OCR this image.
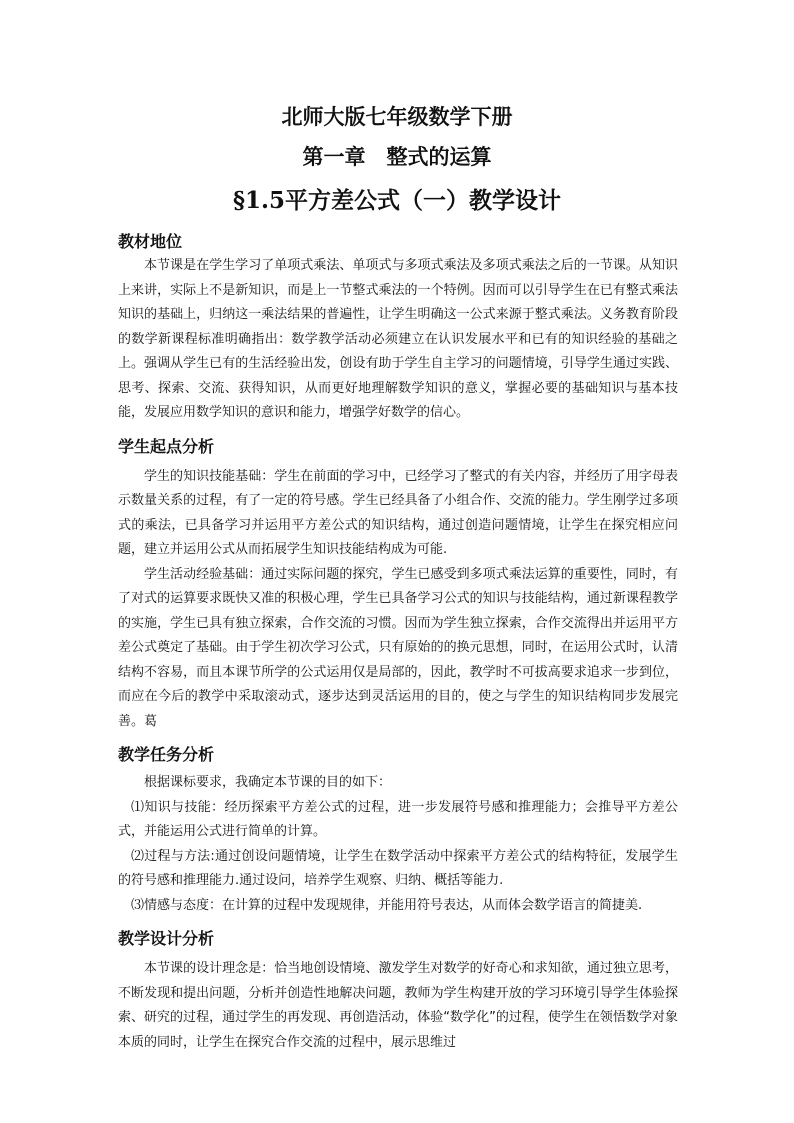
北师大版七年级数学下册
第一章　整式的运算
§1.5平方差公式（一）教学设计
教材地位

本节课是在学生学习了单项式乘法、单项式与多项式乘法及多项式乘法之后的一节课。从知识上来讲，实际上不是新知识，而是上一节整式乘法的一个特例。因而可以引导学生在已有整式乘法知识的基础上，归纳这一乘法结果的普遍性，让学生明确这一公式来源于整式乘法。义务教育阶段的数学新课程标准明确指出：数学教学活动必须建立在认识发展水平和已有的知识经验的基础之上。强调从学生已有的生活经验出发，创设有助于学生自主学习的问题情境，引导学生通过实践、思考、探索、交流、获得知识，从而更好地理解数学知识的意义，掌握必要的基础知识与基本技能，发展应用数学知识的意识和能力，增强学好数学的信心。

学生起点分析

学生的知识技能基础：学生在前面的学习中，已经学习了整式的有关内容，并经历了用字母表示数量关系的过程，有了一定的符号感。学生已经具备了小组合作、交流的能力。学生刚学过多项式的乘法，已具备学习并运用平方差公式的知识结构，通过创造问题情境，让学生在探究相应问题，建立并运用公式从而拓展学生知识技能结构成为可能.

学生活动经验基础：通过实际问题的探究，学生已感受到多项式乘法运算的重要性，同时，有了对式的运算要求既快又准的积极心理，学生已具备学习公式的知识与技能结构，通过新课程教学的实施，学生已具有独立探索，合作交流的习惯。因而为学生独立探索，合作交流得出并运用平方差公式奠定了基础。由于学生初次学习公式，只有原始的的换元思想，同时，在运用公式时，认清结构不容易，而且本课节所学的公式运用仅是局部的，因此，教学时不可拔高要求追求一步到位，而应在今后的教学中采取滚动式，逐步达到灵活运用的目的，使之与学生的知识结构同步发展完善。葛

教学任务分析

根据课标要求，我确定本节课的目的如下：

⑴知识与技能：经历探索平方差公式的过程，进一步发展符号感和推理能力；会推导平方差公式，并能运用公式进行简单的计算。

⑵过程与方法:通过创设问题情境，让学生在数学活动中探索平方差公式的结构特征，发展学生的符号感和推理能力.通过设问，培养学生观察、归纳、概括等能力.

⑶情感与态度：在计算的过程中发现规律，并能用符号表达，从而体会数学语言的简捷美.

教学设计分析

本节课的设计理念是：恰当地创设情境、激发学生对数学的好奇心和求知欲，通过独立思考，不断发现和提出问题，分析并创造性地解决问题，教师为学生构建开放的学习环境引导学生体验探索、研究的过程，通过学生的再发现、再创造活动，体验“数学化”的过程，使学生在领悟数学对象本质的同时，让学生在探究合作交流的过程中，展示思维过
